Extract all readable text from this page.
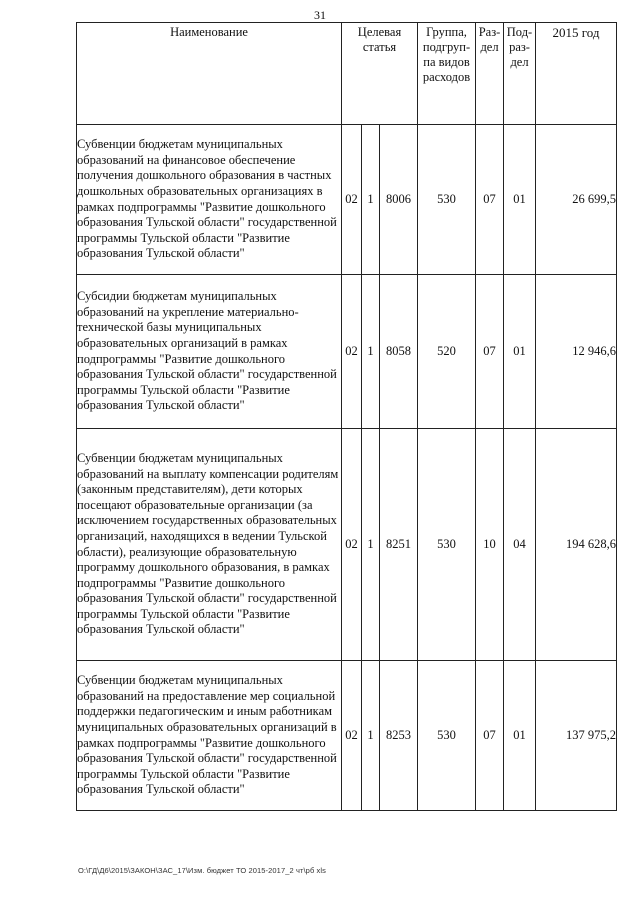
31
Наименование	Целевая статья			Группа, подгруп-па видов расходов	Раз-дел	Под-раз-дел	2015 год
Субвенции бюджетам муниципальных образований на финансовое обеспечение получения дошкольного образования в частных дошкольных образовательных организациях в рамках подпрограммы "Развитие дошкольного образования Тульской области" государственной программы Тульской области "Развитие образования Тульской области"	02	1	8006	530	07	01	26 699,5
Субсидии бюджетам муниципальных образований на укрепление материально-технической базы муниципальных образовательных организаций в рамках подпрограммы "Развитие дошкольного образования Тульской области" государственной программы Тульской области "Развитие образования Тульской области"	02	1	8058	520	07	01	12 946,6
Субвенции бюджетам муниципальных образований на выплату компенсации родителям (законным представителям), дети которых посещают образовательные организации (за исключением государственных образовательных организаций, находящихся в ведении Тульской области), реализующие образовательную программу дошкольного образования, в рамках подпрограммы "Развитие дошкольного образования Тульской области" государственной программы Тульской области "Развитие образования Тульской области"	02	1	8251	530	10	04	194 628,6
Субвенции бюджетам муниципальных образований на предоставление мер социальной поддержки педагогическим и иным работникам муниципальных образовательных организаций в рамках подпрограммы "Развитие дошкольного образования Тульской области" государственной программы Тульской области "Развитие образования Тульской области"	02	1	8253	530	07	01	137 975,2
O:\ГД\Д6\2015\ЗАКОН\ЗАС_17\Изм. бюджет ТО 2015-2017_2 чт\рб xls
